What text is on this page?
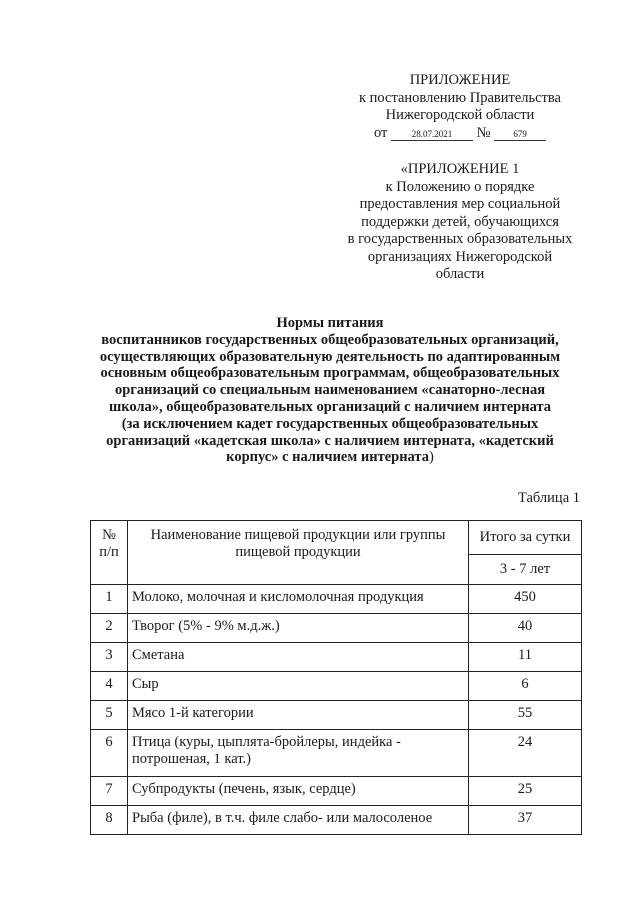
ПРИЛОЖЕНИЕ
к постановлению Правительства
Нижегородской области
от	28.07.2021 №	679
«ПРИЛОЖЕНИЕ 1
к Положению о порядке
предоставления мер социальной
поддержки детей, обучающихся
в государственных образовательных
организациях Нижегородской
области
Нормы питания
воспитанников государственных общеобразовательных организаций,
осуществляющих образовательную деятельность по адаптированным
основным общеобразовательным программам, общеобразовательных
организаций со специальным наименованием «санаторно-лесная
школа», общеобразовательных организаций с наличием интерната
(за исключением кадет государственных общеобразовательных
организаций «кадетская школа» с наличием интерната, «кадетский
корпус» с наличием интерната)
Таблица 1
№
п/п	Наименование пищевой продукции или группы пищевой продукции	Итого за сутки
		3 - 7 лет
1	Молоко, молочная и кисломолочная продукция	450
2	Творог (5% - 9% м.д.ж.)	40
3	Сметана	11
4	Сыр	6
5	Мясо 1-й категории	55
6	Птица (куры, цыплята-бройлеры, индейка - потрошеная, 1 кат.)	24
7	Субпродукты (печень, язык, сердце)	25
8	Рыба (филе), в т.ч. филе слабо- или малосоленое	37
